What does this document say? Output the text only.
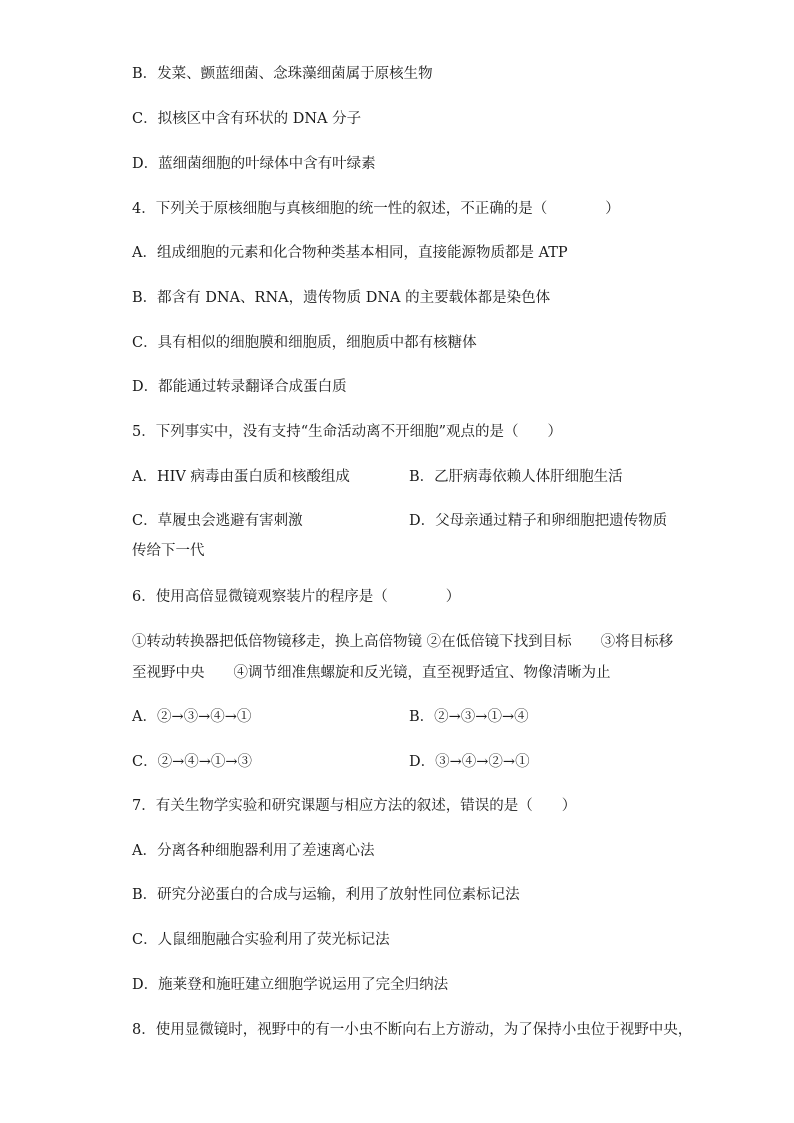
B．发菜、颤蓝细菌、念珠藻细菌属于原核生物
C．拟核区中含有环状的 DNA 分子
D．蓝细菌细胞的叶绿体中含有叶绿素
4．下列关于原核细胞与真核细胞的统一性的叙述，不正确的是（　　　　）
A．组成细胞的元素和化合物种类基本相同，直接能源物质都是 ATP
B．都含有 DNA、RNA，遗传物质 DNA 的主要载体都是染色体
C．具有相似的细胞膜和细胞质，细胞质中都有核糖体
D．都能通过转录翻译合成蛋白质
5．下列事实中，没有支持“生命活动离不开细胞”观点的是（　　）
A．HIV 病毒由蛋白质和核酸组成	B．乙肝病毒依赖人体肝细胞生活
C．草履虫会逃避有害刺激	D．父母亲通过精子和卵细胞把遗传物质
传给下一代
6．使用高倍显微镜观察装片的程序是（　　　　）
①转动转换器把低倍物镜移走，换上高倍物镜 ②在低倍镜下找到目标　　③将目标移
至视野中央　　④调节细准焦螺旋和反光镜，直至视野适宜、物像清晰为止
A．②→③→④→①	B．②→③→①→④
C．②→④→①→③	D．③→④→②→①
7．有关生物学实验和研究课题与相应方法的叙述，错误的是（　　）
A．分离各种细胞器利用了差速离心法
B．研究分泌蛋白的合成与运输，利用了放射性同位素标记法
C．人鼠细胞融合实验利用了荧光标记法
D．施莱登和施旺建立细胞学说运用了完全归纳法
8．使用显微镜时，视野中的有一小虫不断向右上方游动，为了保持小虫位于视野中央，
